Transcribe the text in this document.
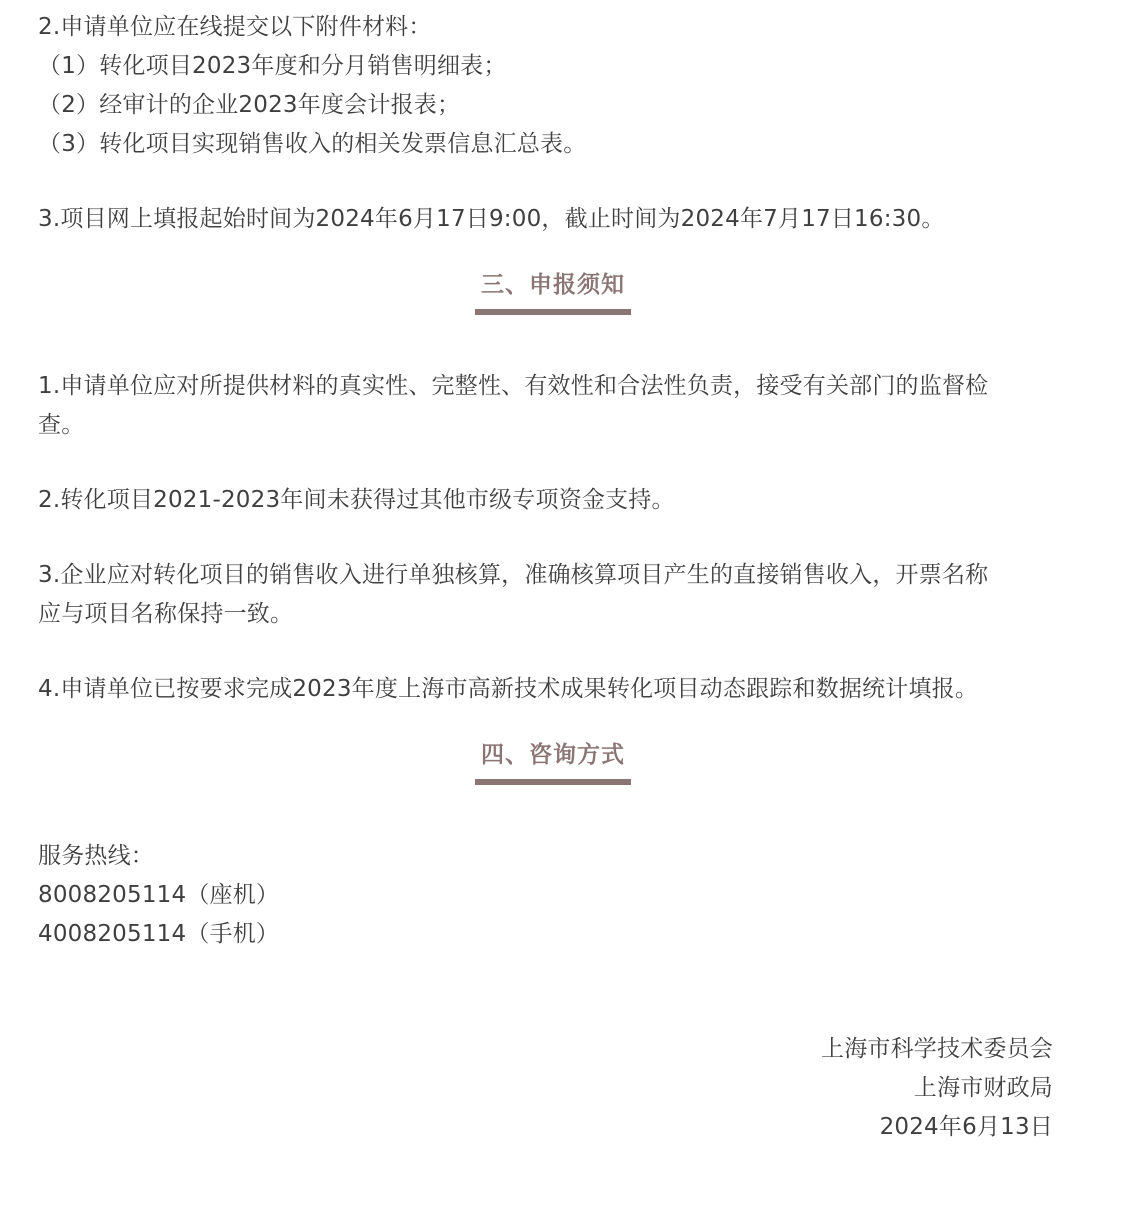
2.申请单位应在线提交以下附件材料：

（1）转化项目2023年度和分月销售明细表；

（2）经审计的企业2023年度会计报表；

（3）转化项目实现销售收入的相关发票信息汇总表。

3.项目网上填报起始时间为2024年6月17日9:00，截止时间为2024年7月17日16:30。

三、申报须知

1.申请单位应对所提供材料的真实性、完整性、有效性和合法性负责，接受有关部门的监督检

查。

2.转化项目2021-2023年间未获得过其他市级专项资金支持。

3.企业应对转化项目的销售收入进行单独核算，准确核算项目产生的直接销售收入，开票名称

应与项目名称保持一致。

4.申请单位已按要求完成2023年度上海市高新技术成果转化项目动态跟踪和数据统计填报。

四、咨询方式

服务热线：

8008205114（座机）

4008205114（手机）

上海市科学技术委员会

上海市财政局

2024年6月13日
